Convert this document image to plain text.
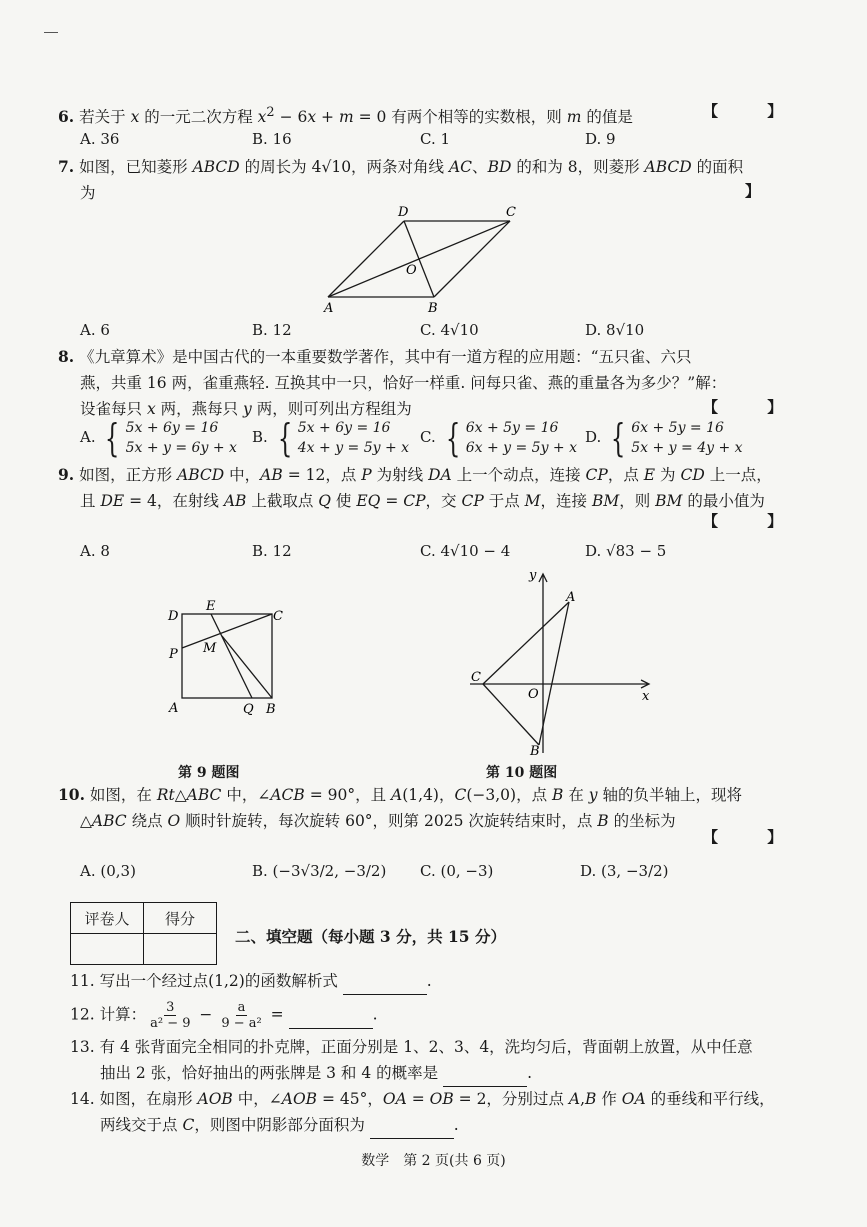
6. 若关于 x 的一元二次方程 $x^2 - 6x + m = 0$ 有两个相等的实数根，则 m 的值是	【 】
A. 36	B. 16	C. 1	D. 9
7. 如图，已知菱形 ABCD 的周长为 4√10，两条对角线 AC、BD 的和为 8，则菱形 ABCD 的面积
为	】
D	C
O
A	B
A. 6	B. 12	C. 4√10	D. 8√10
8. 《九章算术》是中国古代的一本重要数学著作，其中有一道方程的应用题：“五只雀、六只
燕，共重 16 两，雀重燕轻. 互换其中一只，恰好一样重. 问每只雀、燕的重量各为多少？”解：
设雀每只 x 两，燕每只 y 两，则可列出方程组为	【 】
A. { 5x + 6y = 16
5x + y = 6y + x
B. { 5x + 6y = 16
4x + y = 5y + x
C. { 6x + 5y = 16
6x + y = 5y + x
D. { 6x + 5y = 16
5x + y = 4y + x
9. 如图，正方形 ABCD 中，AB = 12，点 P 为射线 DA 上一个动点，连接 CP，点 E 为 CD 上一点，
且 DE = 4，在射线 AB 上截取点 Q 使 EQ = CP，交 CP 于点 M，连接 BM，则 BM 的最小值为
【 】
A. 8	B. 12	C. 4√10 − 4	D. √83 − 5
D
E
C
P M
A	Q B
第 9 题图
y
x
A
C
O
B
第 10 题图
10. 如图，在 Rt△ABC 中，∠ACB = 90°，且 A(1,4)，C(−3,0)，点 B 在 y 轴的负半轴上，现将
△ABC 绕点 O 顺时针旋转，每次旋转 60°，则第 2025 次旋转结束时，点 B 的坐标为
【 】
A. (0,3)	B. (−3√3/2, −3/2) C. (0, −3)	D. (3, −3/2)
评卷人	得分

二、填空题（每小题 3 分，共 15 分）
11. 写出一个经过点(1,2)的函数解析式	.
12. 计算： $\frac{3}{\text{a² − 9}} - \frac{a}{\text{9 − a²}}$ =	.
13. 有 4 张背面完全相同的扑克牌，正面分别是 1、2、3、4，洗均匀后，背面朝上放置，从中任意
抽出 2 张，恰好抽出的两张牌是 3 和 4 的概率是	.
14. 如图，在扇形 AOB 中，∠AOB = 45°，OA = OB = 2，分别过点 A,B 作 OA 的垂线和平行线，
两线交于点 C，则图中阴影部分面积为	.
数学　第 2 页(共 6 页)
